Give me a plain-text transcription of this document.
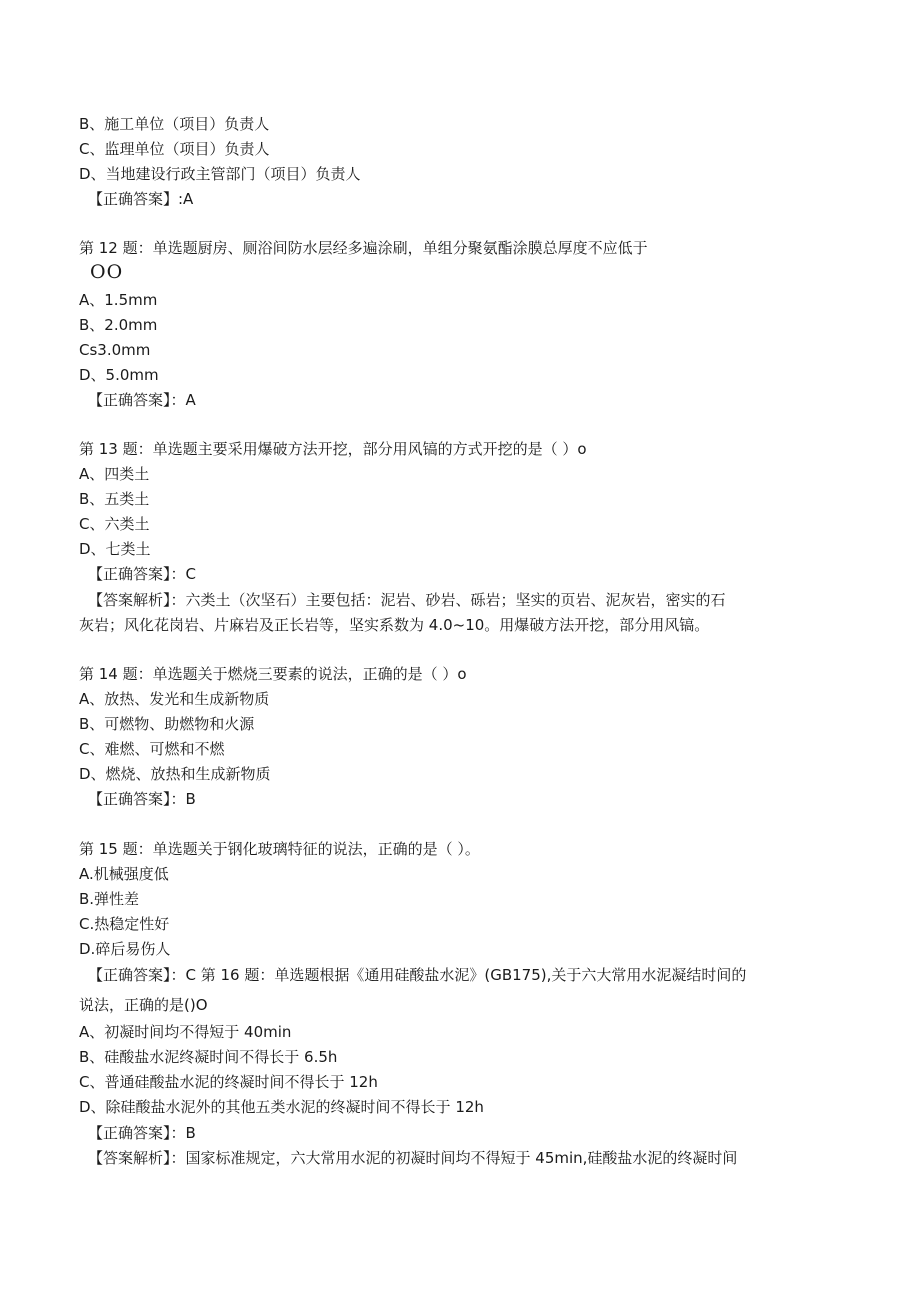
B、施工单位（项目）负责人
C、监理单位（项目）负责人
D、当地建设行政主管部门（项目）负责人
【正确答案】:A
第 12 题：单选题厨房、厕浴间防水层经多遍涂刷，单组分聚氨酯涂膜总厚度不应低于
OO
A、1.5mm
B、2.0mm
Cs3.0mm
D、5.0mm
【正确答案】：A
第 13 题：单选题主要采用爆破方法开挖，部分用风镐的方式开挖的是（ ）o
A、四类土
B、五类土
C、六类土
D、七类土
【正确答案】：C
【答案解析】：六类土（次坚石）主要包括：泥岩、砂岩、砾岩；坚实的页岩、泥灰岩，密实的石
灰岩；风化花岗岩、片麻岩及正长岩等，坚实系数为 4.0~10。用爆破方法开挖，部分用风镐。
第 14 题：单选题关于燃烧三要素的说法，正确的是（ ）o
A、放热、发光和生成新物质
B、可燃物、助燃物和火源
C、难燃、可燃和不燃
D、燃烧、放热和生成新物质
【正确答案】：B
第 15 题：单选题关于钢化玻璃特征的说法，正确的是（ ）。
A.机械强度低
B.弹性差
C.热稳定性好
D.碎后易伤人
【正确答案】：C 第 16 题：单选题根据《通用硅酸盐水泥》(GB175),关于六大常用水泥凝结时间的
说法，正确的是()O
A、初凝时间均不得短于 40min
B、硅酸盐水泥终凝时间不得长于 6.5h
C、普通硅酸盐水泥的终凝时间不得长于 12h
D、除硅酸盐水泥外的其他五类水泥的终凝时间不得长于 12h
【正确答案】：B
【答案解析】：国家标准规定，六大常用水泥的初凝时间均不得短于 45min,硅酸盐水泥的终凝时间
